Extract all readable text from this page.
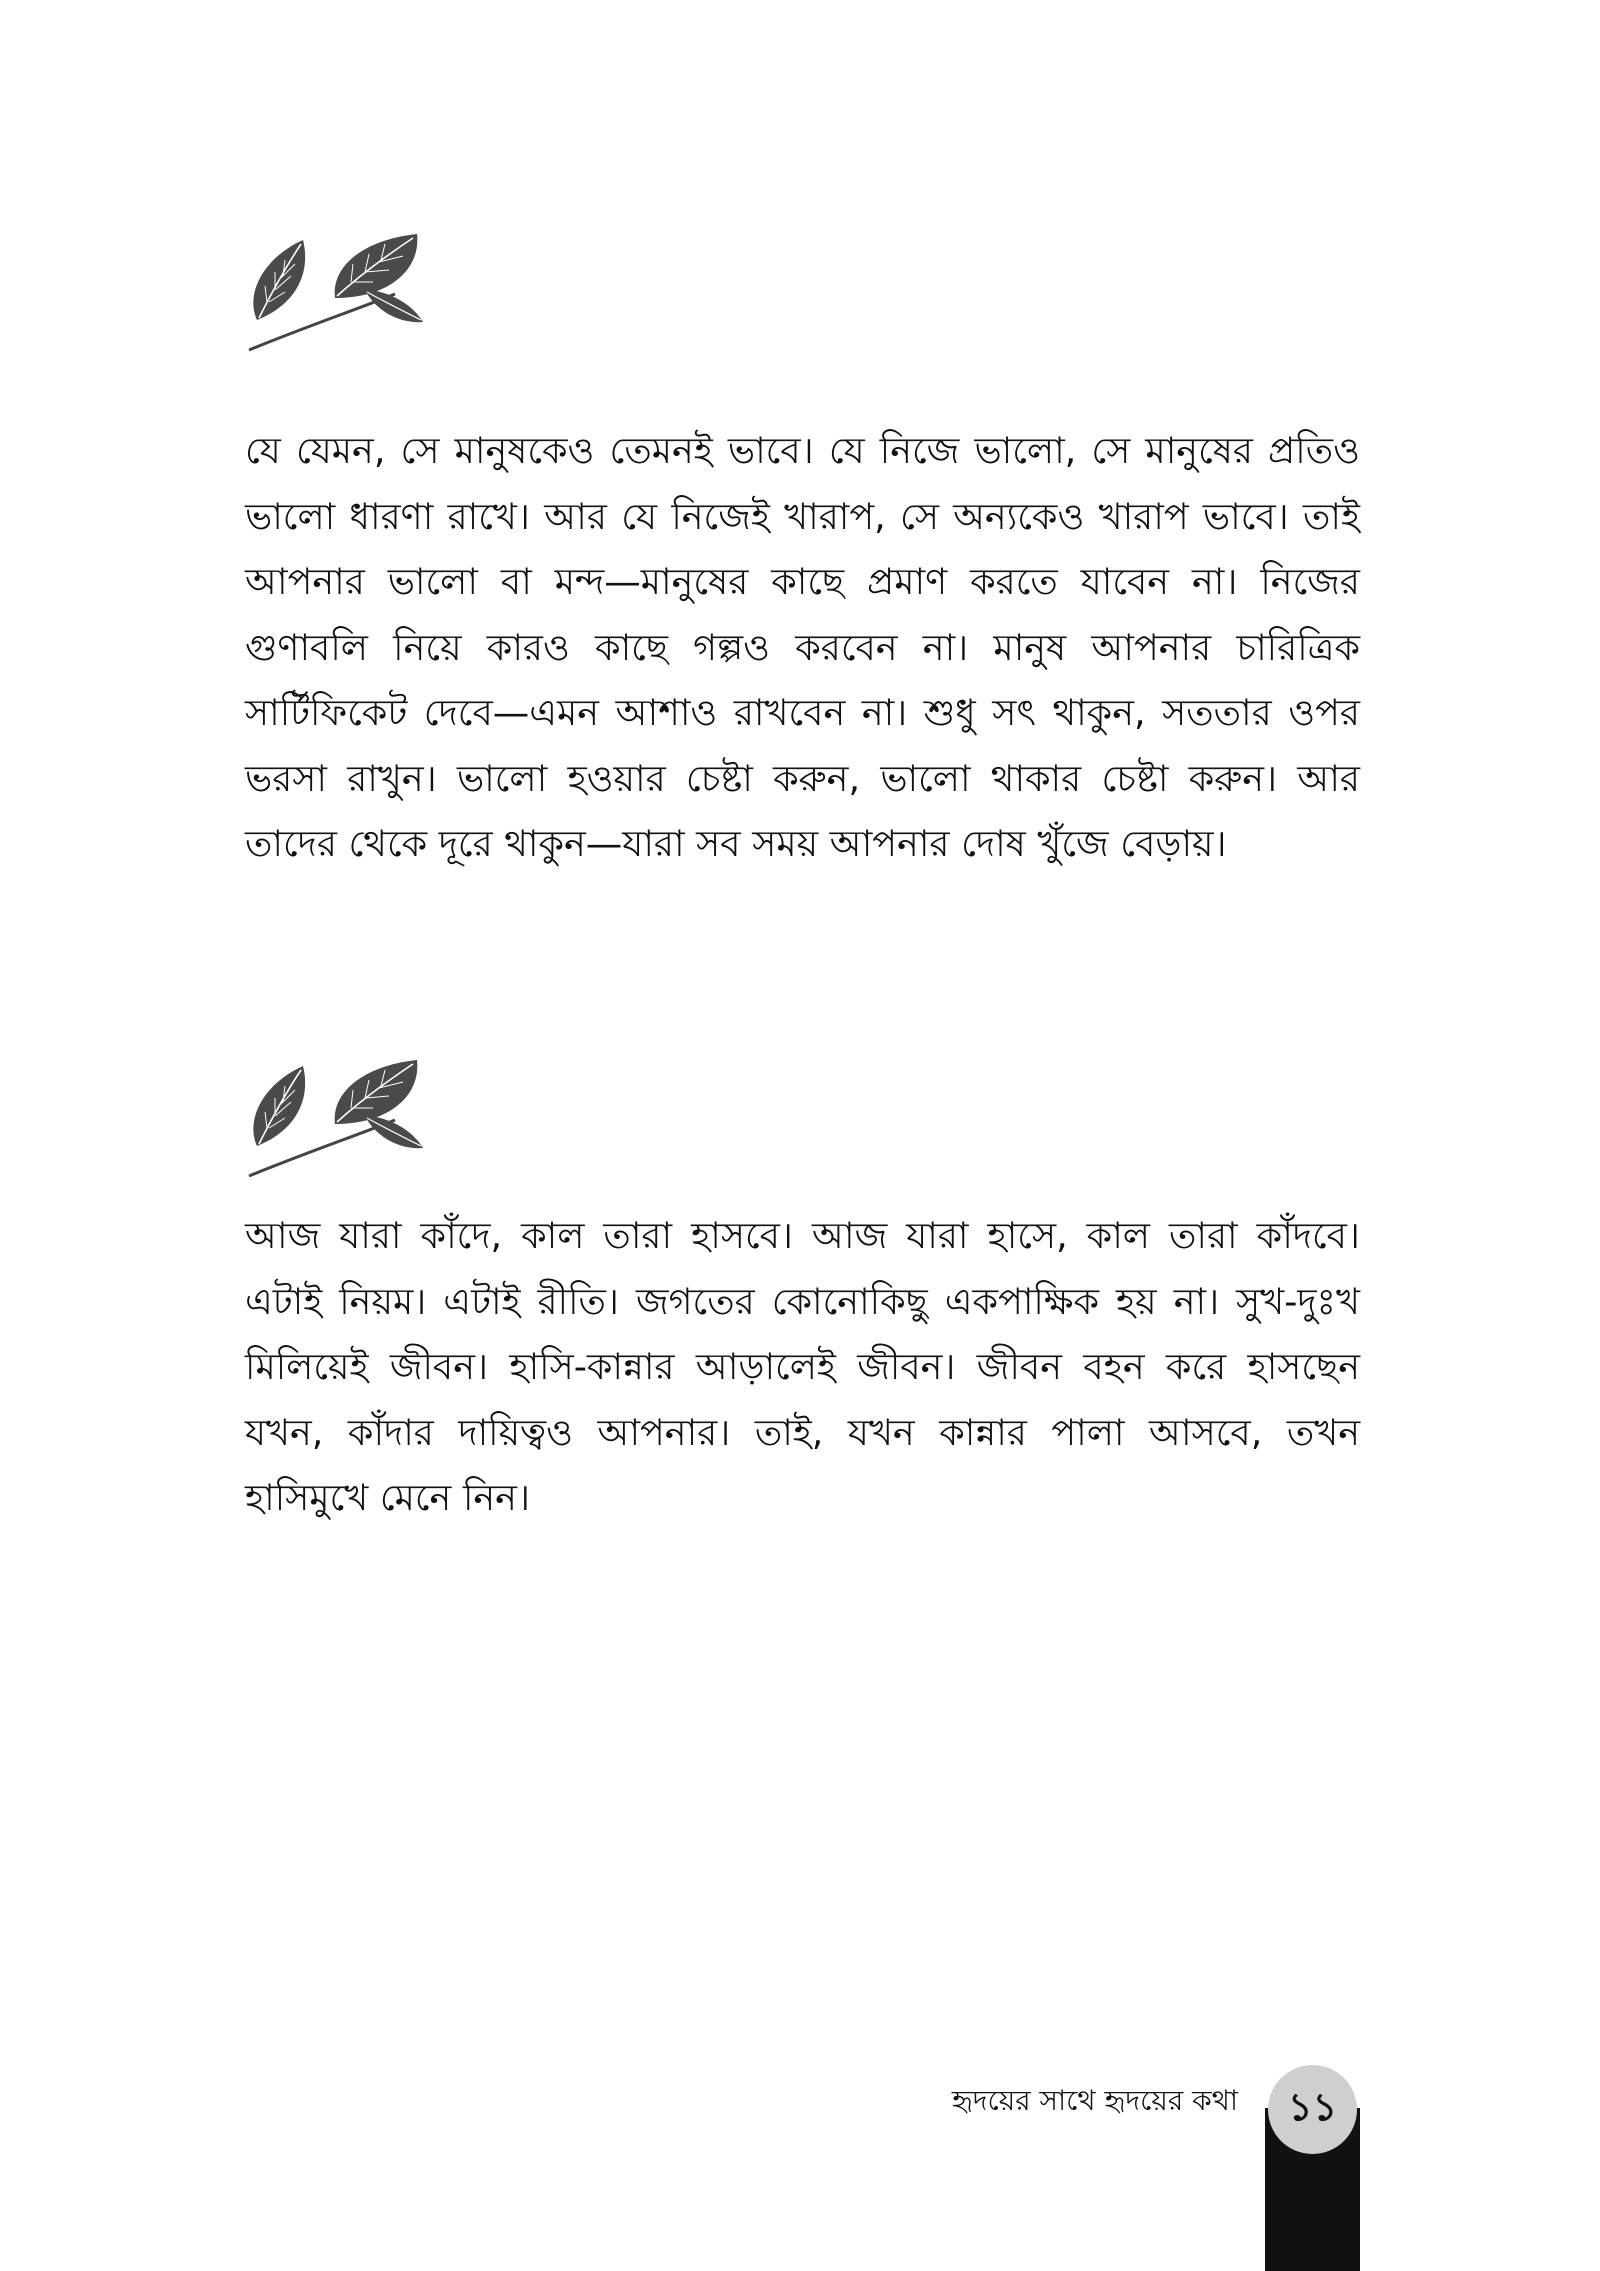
যে যেমন, সে মানুষকেও তেমনই ভাবে। যে নিজে ভালো, সে মানুষের প্রতিও ভালো ধারণা রাখে। আর যে নিজেই খারাপ, সে অন্যকেও খারাপ ভাবে। তাই আপনার ভালো বা মন্দ—মানুষের কাছে প্রমাণ করতে যাবেন না। নিজের গুণাবলি নিয়ে কারও কাছে গল্পও করবেন না। মানুষ আপনার চারিত্রিক সার্টিফিকেট দেবে—এমন আশাও রাখবেন না। শুধু সৎ থাকুন, সততার ওপর ভরসা রাখুন। ভালো হওয়ার চেষ্টা করুন, ভালো থাকার চেষ্টা করুন। আর তাদের থেকে দূরে থাকুন—যারা সব সময় আপনার দোষ খুঁজে বেড়ায়।

আজ যারা কাঁদে, কাল তারা হাসবে। আজ যারা হাসে, কাল তারা কাঁদবে। এটাই নিয়ম। এটাই রীতি। জগতের কোনোকিছু একপাক্ষিক হয় না। সুখ-দুঃখ মিলিয়েই জীবন। হাসি-কান্নার আড়ালেই জীবন। জীবন বহন করে হাসছেন যখন, কাঁদার দায়িত্বও আপনার। তাই, যখন কান্নার পালা আসবে, তখন হাসিমুখে মেনে নিন।

হৃদয়ের সাথে হৃদয়ের কথা	১১
